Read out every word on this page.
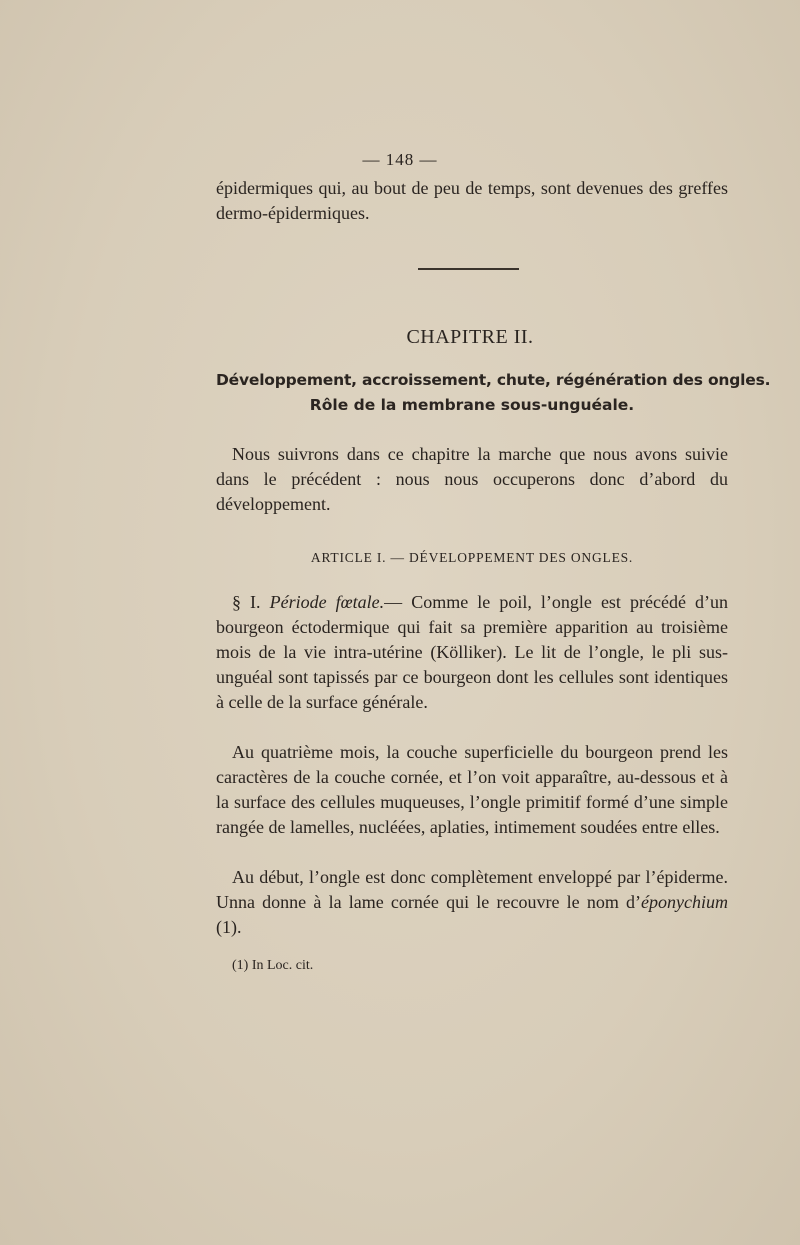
— 148 —

épidermiques qui, au bout de peu de temps, sont devenues des greffes dermo-épidermiques.

CHAPITRE II.
Développement, accroissement, chute, régénération des ongles.
Rôle de la membrane sous-unguéale.

Nous suivrons dans ce chapitre la marche que nous avons suivie dans le précédent : nous nous occuperons donc d’abord du développement.

ARTICLE I. — DÉVELOPPEMENT DES ONGLES.

§ I. Période fœtale.— Comme le poil, l’ongle est précédé d’un bourgeon éctodermique qui fait sa première apparition au troisième mois de la vie intra-utérine (Kölliker). Le lit de l’ongle, le pli sus-unguéal sont tapissés par ce bourgeon dont les cellules sont identiques à celle de la surface générale.

Au quatrième mois, la couche superficielle du bourgeon prend les caractères de la couche cornée, et l’on voit apparaître, au-dessous et à la surface des cellules muqueuses, l’ongle primitif formé d’une simple rangée de lamelles, nucléées, aplaties, intimement soudées entre elles.

Au début, l’ongle est donc complètement enveloppé par l’épiderme. Unna donne à la lame cornée qui le recouvre le nom d’éponychium (1).

(1) In Loc. cit.
